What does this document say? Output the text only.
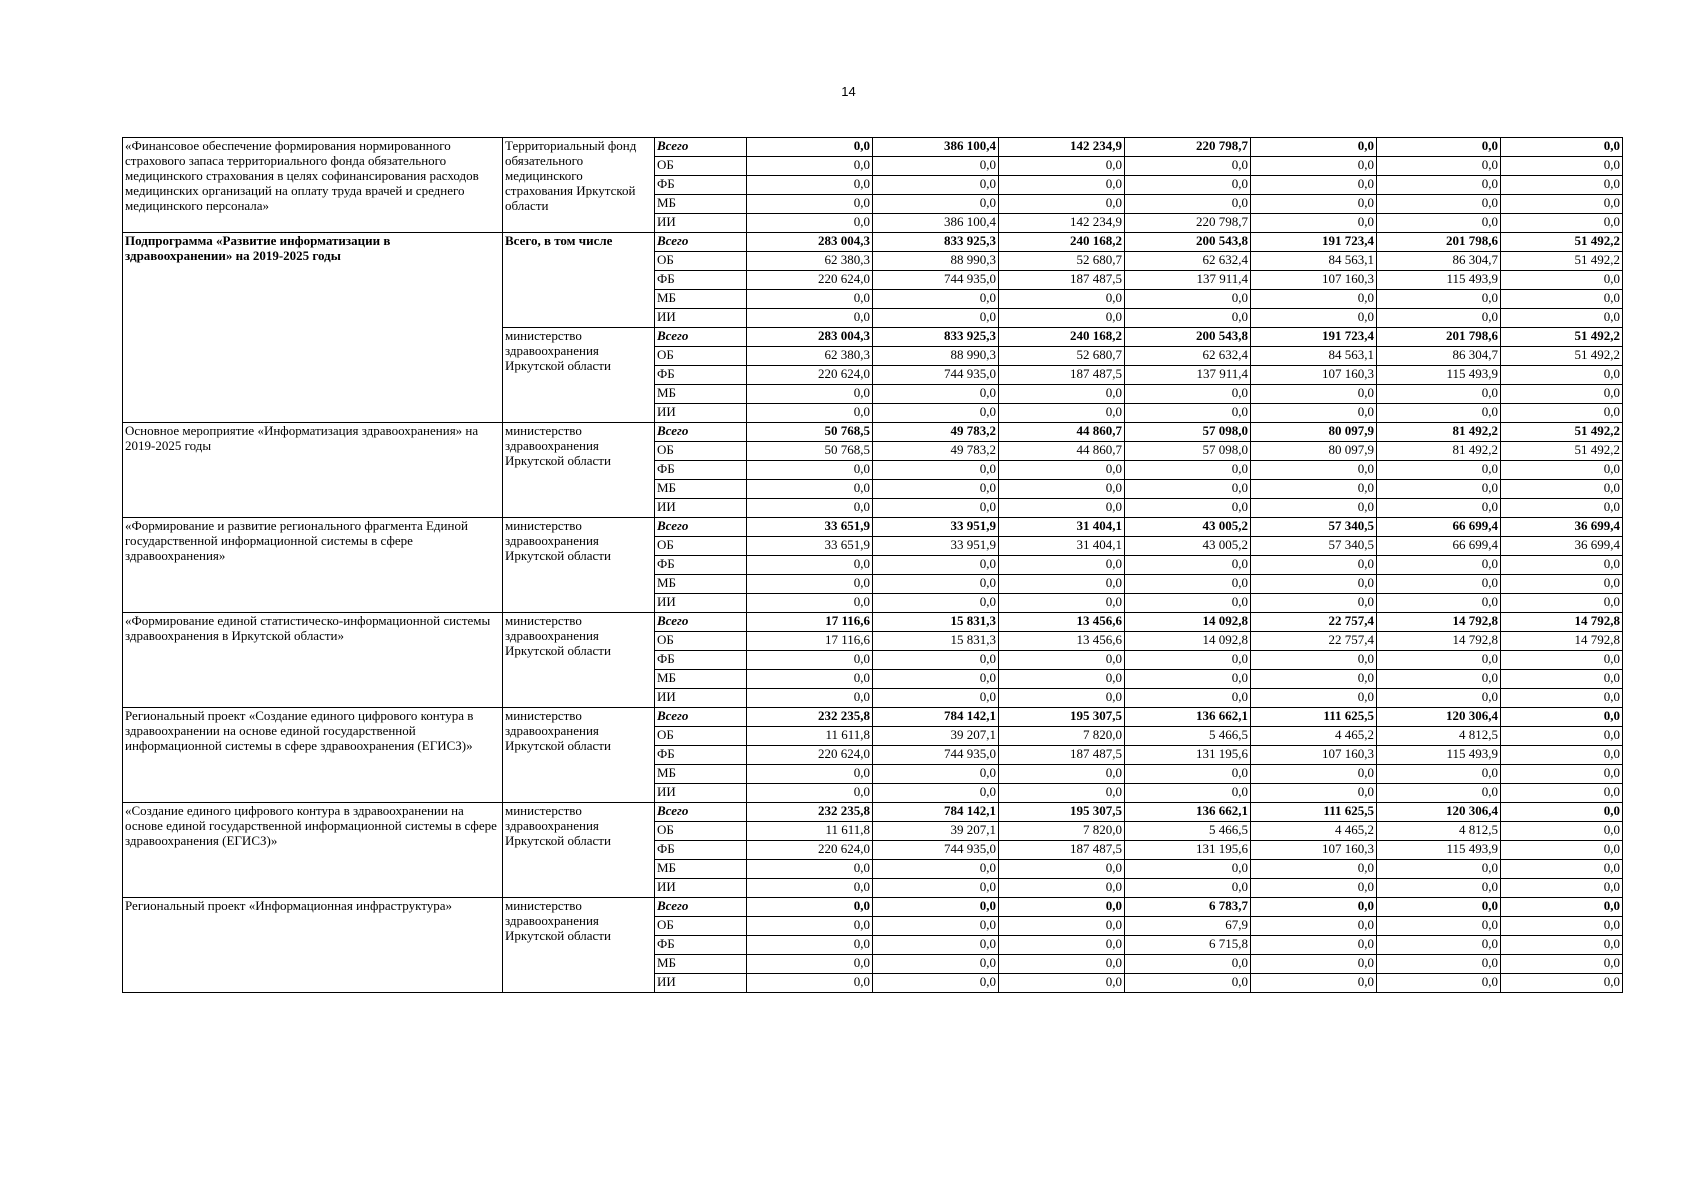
14
«Финансовое обеспечение формирования нормированного страхового запаса территориального фонда обязательного медицинского страхования в целях софинансирования расходов медицинских организаций на оплату труда врачей и среднего медицинского персонала»	Территориальный фонд обязательного медицинского страхования Иркутской области	Всего	0,0	386 100,4	142 234,9	220 798,7	0,0	0,0	0,0
		ОБ	0,0	0,0	0,0	0,0	0,0	0,0	0,0
		ФБ	0,0	0,0	0,0	0,0	0,0	0,0	0,0
		МБ	0,0	0,0	0,0	0,0	0,0	0,0	0,0
		ИИ	0,0	386 100,4	142 234,9	220 798,7	0,0	0,0	0,0
Подпрограмма «Развитие информатизации в здравоохранении» на 2019-2025 годы	Всего, в том числе	Всего	283 004,3	833 925,3	240 168,2	200 543,8	191 723,4	201 798,6	51 492,2
		ОБ	62 380,3	88 990,3	52 680,7	62 632,4	84 563,1	86 304,7	51 492,2
		ФБ	220 624,0	744 935,0	187 487,5	137 911,4	107 160,3	115 493,9	0,0
		МБ	0,0	0,0	0,0	0,0	0,0	0,0	0,0
		ИИ	0,0	0,0	0,0	0,0	0,0	0,0	0,0
	министерство здравоохранения Иркутской области	Всего	283 004,3	833 925,3	240 168,2	200 543,8	191 723,4	201 798,6	51 492,2
		ОБ	62 380,3	88 990,3	52 680,7	62 632,4	84 563,1	86 304,7	51 492,2
		ФБ	220 624,0	744 935,0	187 487,5	137 911,4	107 160,3	115 493,9	0,0
		МБ	0,0	0,0	0,0	0,0	0,0	0,0	0,0
		ИИ	0,0	0,0	0,0	0,0	0,0	0,0	0,0
Основное мероприятие «Информатизация здравоохранения» на 2019-2025 годы	министерство здравоохранения Иркутской области	Всего	50 768,5	49 783,2	44 860,7	57 098,0	80 097,9	81 492,2	51 492,2
		ОБ	50 768,5	49 783,2	44 860,7	57 098,0	80 097,9	81 492,2	51 492,2
		ФБ	0,0	0,0	0,0	0,0	0,0	0,0	0,0
		МБ	0,0	0,0	0,0	0,0	0,0	0,0	0,0
		ИИ	0,0	0,0	0,0	0,0	0,0	0,0	0,0
«Формирование и развитие регионального фрагмента Единой государственной информационной системы в сфере здравоохранения»	министерство здравоохранения Иркутской области	Всего	33 651,9	33 951,9	31 404,1	43 005,2	57 340,5	66 699,4	36 699,4
		ОБ	33 651,9	33 951,9	31 404,1	43 005,2	57 340,5	66 699,4	36 699,4
		ФБ	0,0	0,0	0,0	0,0	0,0	0,0	0,0
		МБ	0,0	0,0	0,0	0,0	0,0	0,0	0,0
		ИИ	0,0	0,0	0,0	0,0	0,0	0,0	0,0
«Формирование единой статистическо-информационной системы здравоохранения в Иркутской области»	министерство здравоохранения Иркутской области	Всего	17 116,6	15 831,3	13 456,6	14 092,8	22 757,4	14 792,8	14 792,8
		ОБ	17 116,6	15 831,3	13 456,6	14 092,8	22 757,4	14 792,8	14 792,8
		ФБ	0,0	0,0	0,0	0,0	0,0	0,0	0,0
		МБ	0,0	0,0	0,0	0,0	0,0	0,0	0,0
		ИИ	0,0	0,0	0,0	0,0	0,0	0,0	0,0
Региональный проект «Создание единого цифрового контура в здравоохранении на основе единой государственной информационной системы в сфере здравоохранения (ЕГИСЗ)»	министерство здравоохранения Иркутской области	Всего	232 235,8	784 142,1	195 307,5	136 662,1	111 625,5	120 306,4	0,0
		ОБ	11 611,8	39 207,1	7 820,0	5 466,5	4 465,2	4 812,5	0,0
		ФБ	220 624,0	744 935,0	187 487,5	131 195,6	107 160,3	115 493,9	0,0
		МБ	0,0	0,0	0,0	0,0	0,0	0,0	0,0
		ИИ	0,0	0,0	0,0	0,0	0,0	0,0	0,0
«Создание единого цифрового контура в здравоохранении на основе единой государственной информационной системы в сфере здравоохранения (ЕГИСЗ)»	министерство здравоохранения Иркутской области	Всего	232 235,8	784 142,1	195 307,5	136 662,1	111 625,5	120 306,4	0,0
		ОБ	11 611,8	39 207,1	7 820,0	5 466,5	4 465,2	4 812,5	0,0
		ФБ	220 624,0	744 935,0	187 487,5	131 195,6	107 160,3	115 493,9	0,0
		МБ	0,0	0,0	0,0	0,0	0,0	0,0	0,0
		ИИ	0,0	0,0	0,0	0,0	0,0	0,0	0,0
Региональный проект «Информационная инфраструктура»	министерство здравоохранения Иркутской области	Всего	0,0	0,0	0,0	6 783,7	0,0	0,0	0,0
		ОБ	0,0	0,0	0,0	67,9	0,0	0,0	0,0
		ФБ	0,0	0,0	0,0	6 715,8	0,0	0,0	0,0
		МБ	0,0	0,0	0,0	0,0	0,0	0,0	0,0
		ИИ	0,0	0,0	0,0	0,0	0,0	0,0	0,0
